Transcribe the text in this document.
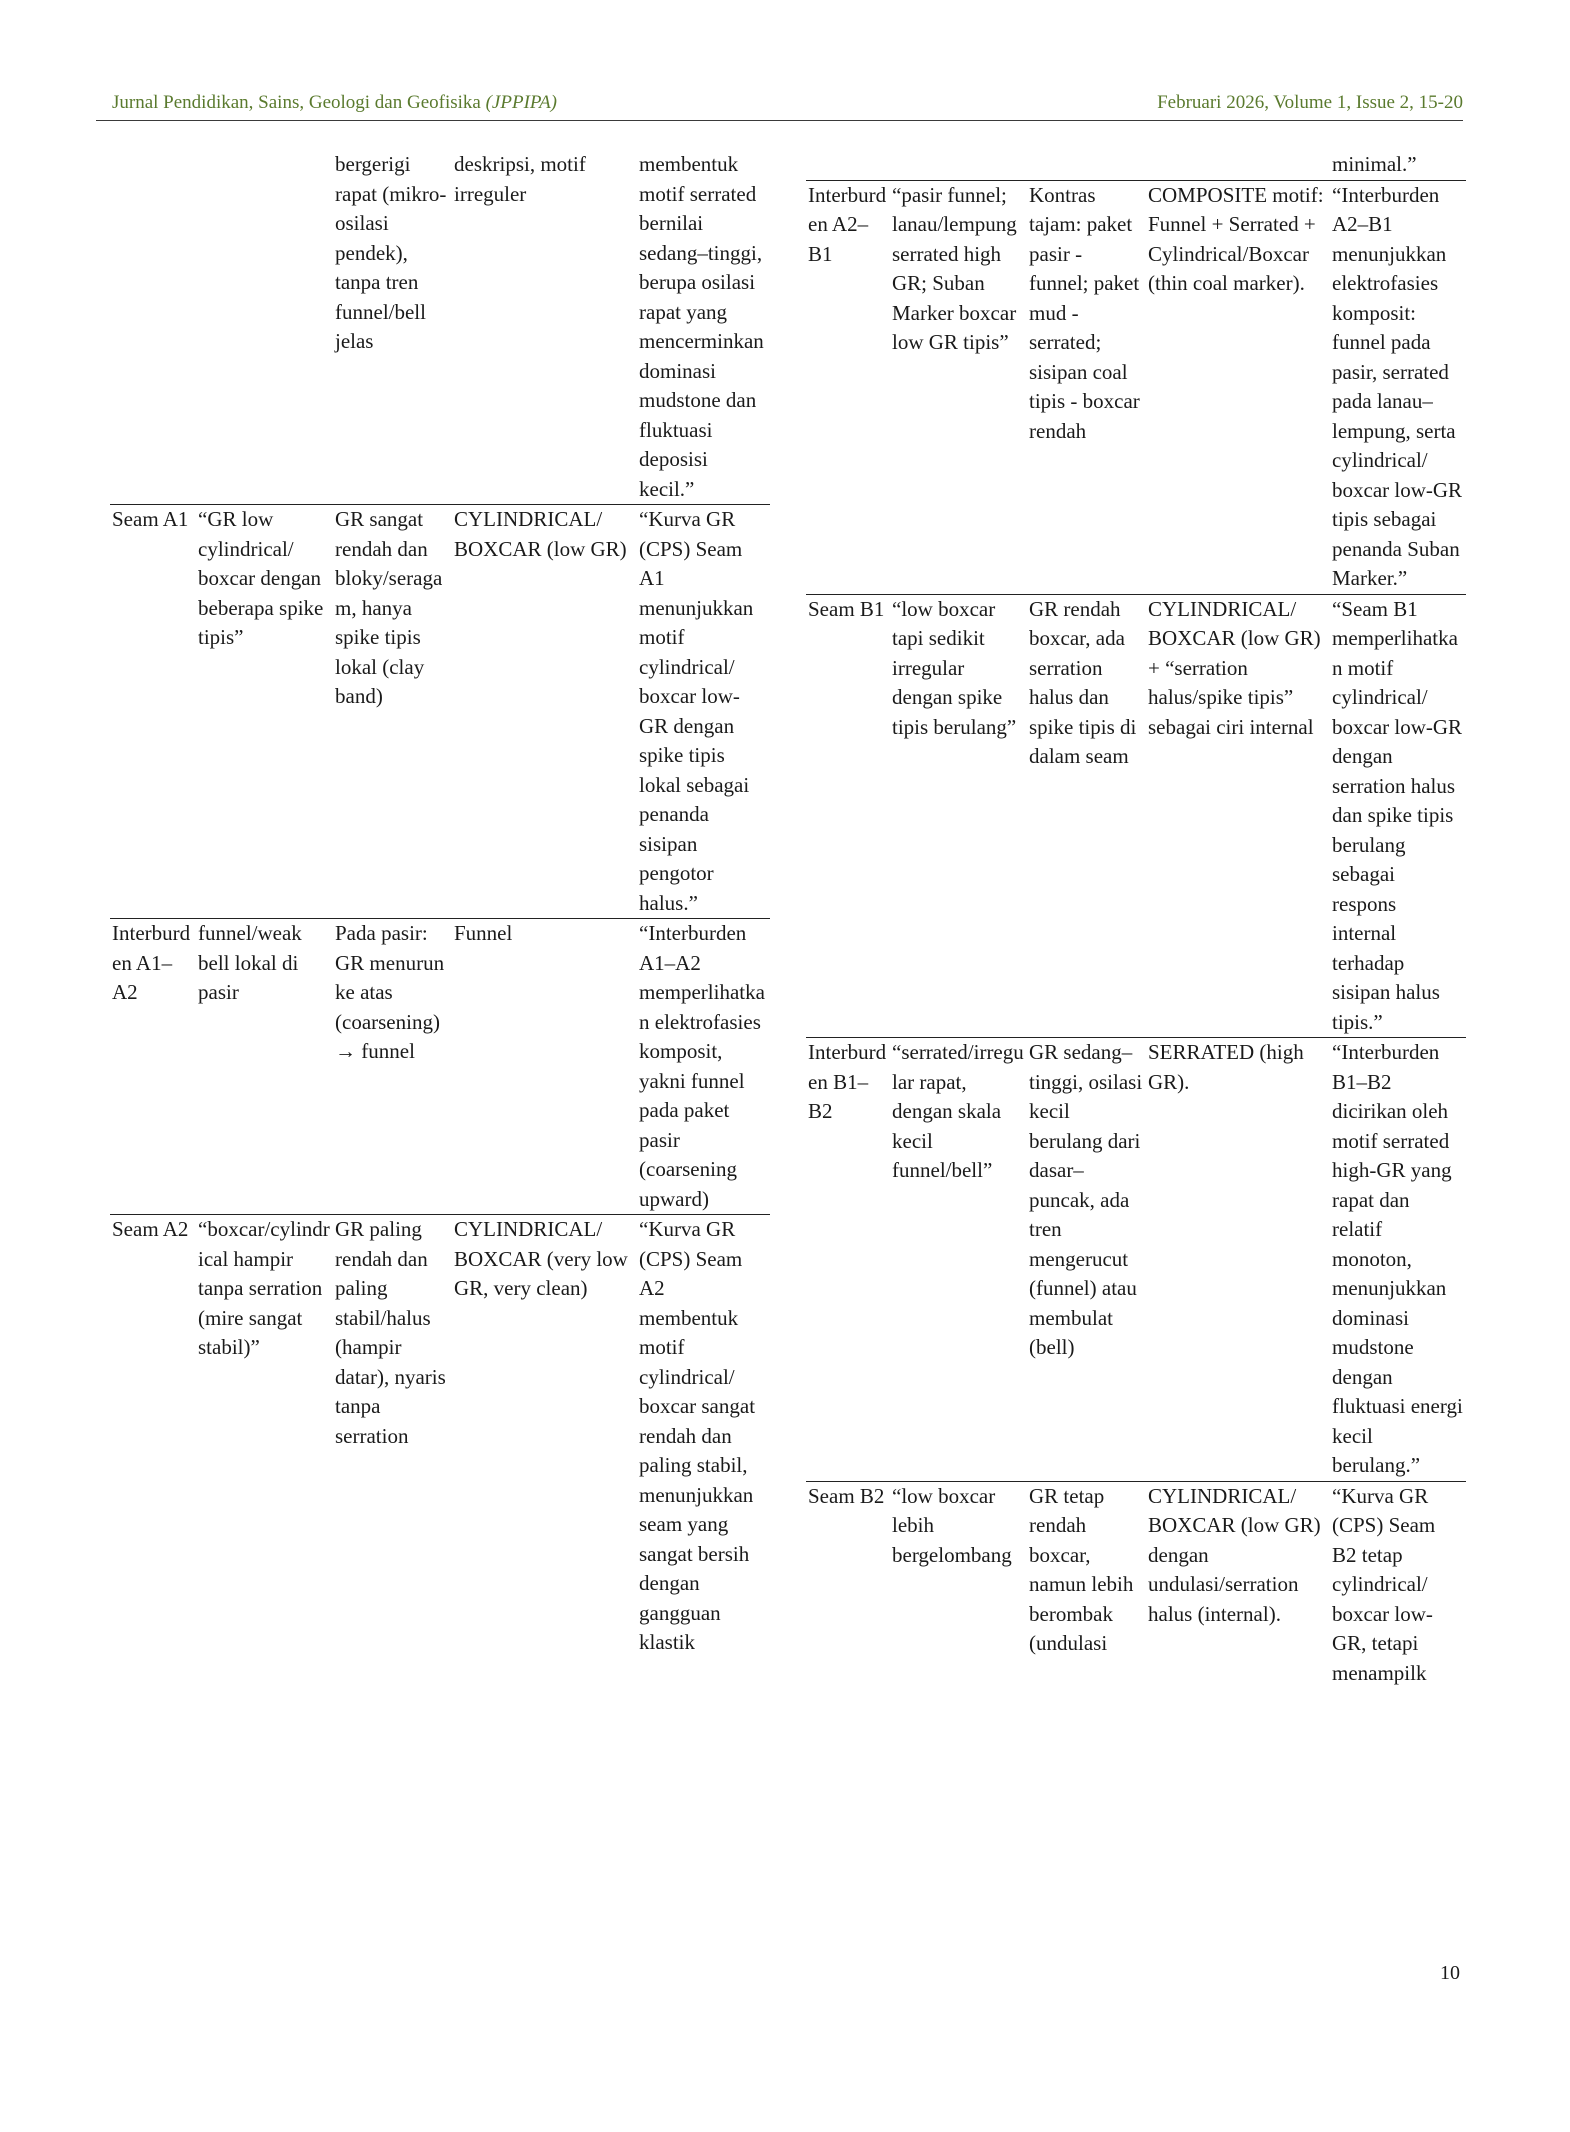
Jurnal Pendidikan, Sains, Geologi dan Geofisika (JPPIPA)	Februari 2026, Volume 1, Issue 2, 15-20
		bergerigi rapat (mikro-osilasi pendek), tanpa tren funnel/bell jelas	deskripsi, motif irreguler	membentuk motif serrated bernilai sedang–tinggi, berupa osilasi rapat yang mencerminkan dominasi mudstone dan fluktuasi deposisi kecil.”
Seam A1	“GR low cylindrical/ boxcar dengan beberapa spike tipis”	GR sangat rendah dan bloky/seragam, hanya spike tipis lokal (clay band)	CYLINDRICAL/ BOXCAR (low GR)	“Kurva GR (CPS) Seam A1 menunjukkan motif cylindrical/ boxcar low-GR dengan spike tipis lokal sebagai penanda sisipan pengotor halus.”
Interburden A1–A2	funnel/weak bell lokal di pasir	Pada pasir: GR menurun ke atas (coarsening) → funnel	Funnel	“Interburden A1–A2 memperlihatkan elektrofasies komposit, yakni funnel pada paket pasir (coarsening upward)
Seam A2	“boxcar/cylindrical hampir tanpa serration (mire sangat stabil)”	GR paling rendah dan paling stabil/halus (hampir datar), nyaris tanpa serration	CYLINDRICAL/ BOXCAR (very low GR, very clean)	“Kurva GR (CPS) Seam A2 membentuk motif cylindrical/ boxcar sangat rendah dan paling stabil, menunjukkan seam yang sangat bersih dengan gangguan klastik
				minimal.”
Interburden A2–B1	“pasir funnel; lanau/lempung serrated high GR; Suban Marker boxcar low GR tipis”	Kontras tajam: paket pasir - funnel; paket mud - serrated; sisipan coal tipis - boxcar rendah	COMPOSITE motif: Funnel + Serrated + Cylindrical/Boxcar (thin coal marker).	“Interburden A2–B1 menunjukkan elektrofasies komposit: funnel pada pasir, serrated pada lanau–lempung, serta cylindrical/ boxcar low-GR tipis sebagai penanda Suban Marker.”
Seam B1	“low boxcar tapi sedikit irregular dengan spike tipis berulang”	GR rendah boxcar, ada serration halus dan spike tipis di dalam seam	CYLINDRICAL/ BOXCAR (low GR) + “serration halus/spike tipis” sebagai ciri internal	“Seam B1 memperlihatkan motif cylindrical/ boxcar low-GR dengan serration halus dan spike tipis berulang sebagai respons internal terhadap sisipan halus tipis.”
Interburden B1–B2	“serrated/irregular rapat, dengan skala kecil funnel/bell”	GR sedang–tinggi, osilasi kecil berulang dari dasar–puncak, ada tren mengerucut (funnel) atau membulat (bell)	SERRATED (high GR).	“Interburden B1–B2 dicirikan oleh motif serrated high-GR yang rapat dan relatif monoton, menunjukkan dominasi mudstone dengan fluktuasi energi kecil berulang.”
Seam B2	“low boxcar lebih bergelombang	GR tetap rendah boxcar, namun lebih berombak (undulasi	CYLINDRICAL/ BOXCAR (low GR) dengan undulasi/serration halus (internal).	“Kurva GR (CPS) Seam B2 tetap cylindrical/ boxcar low-GR, tetapi menampilk
10
